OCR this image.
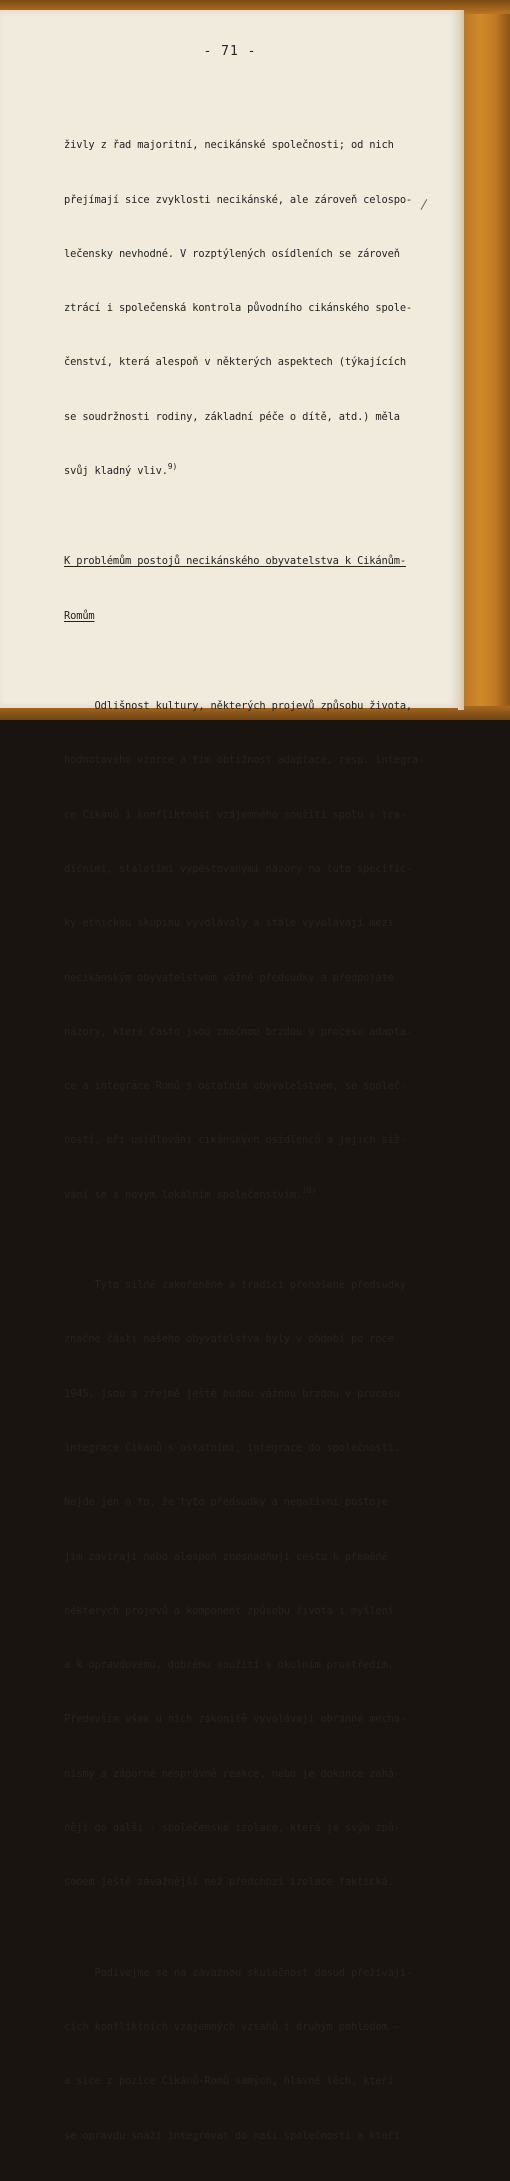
- 71 -

živly z řad majoritní, necikánské společnosti; od nich

přejímají sice zvyklosti necikánské, ale zároveň celospo-

lečensky nevhodné. V rozptýlených osídleních se zároveň

ztrácí i společenská kontrola původního cikánského spole-

čenství, která alespoň v některých aspektech (týkajících

se soudržnosti rodiny, základní péče o dítě, atd.) měla

svůj kladný vliv.$^{9)}$

K problémům postojů necikánského obyvatelstva k Cikánům-

Romům

Odlišnost kultury, některých projevů způsobu života,

hodnotového vzorce a tím obtížnost adaptace, resp. integra-

ce Cikánů i konfliktnost vzájemného soužití spolu s tra-

dičními, staletími vypěstovanými názory na tuto specific-

ky-etnickou skupinu vyvolávaly a stále vyvolávají mezi

necikánským obyvatelstvem vážné předsudky a předpojaté

názory, které často jsou značnou brzdou v procesu adapta-

ce a integrace Romů s ostatním obyvatelstvem, se společ-

ností, při usídlování cikánských osídlenců a jejich síž-

vání se s novým lokálním společenstvím.$^{10)}$

Tyto silně zakořeněné a tradicí přenášené předsudky

značné části našeho obyvatelstva byly v období po roce

1945, jsou a zřejmě ještě budou vážnou brzdou v procesu

integrace Cikánů s ostatními, integrace do společnosti.

Nejde jen o to, že tyto předsudky a negativní postoje

jim zavírají nebo alespoň znesnadňují cestu k přeměně

některých projevů a komponent způsobu života i myšlení

a k opravdovému, dobrému soužití s okolním prostředím.

Především však u nich zákonitě vyvolávají obranné mecha-

nismy a záporné nesprávné reakce, nebo je dokonce zahá-

nějí do další - společenské izolace, která je svým způ-

sobem ještě závažnější než předchozí izolace faktická.

Podívejme se na závažnou skutečnost dosud přežívají-

cích konfliktních vzájemných vztahů i druhým pohledem -

a sice z pozice Cikánů-Romů samých, hlavně těch, kteří

se opravdu snaží integrovat do naší společnosti a kteří
